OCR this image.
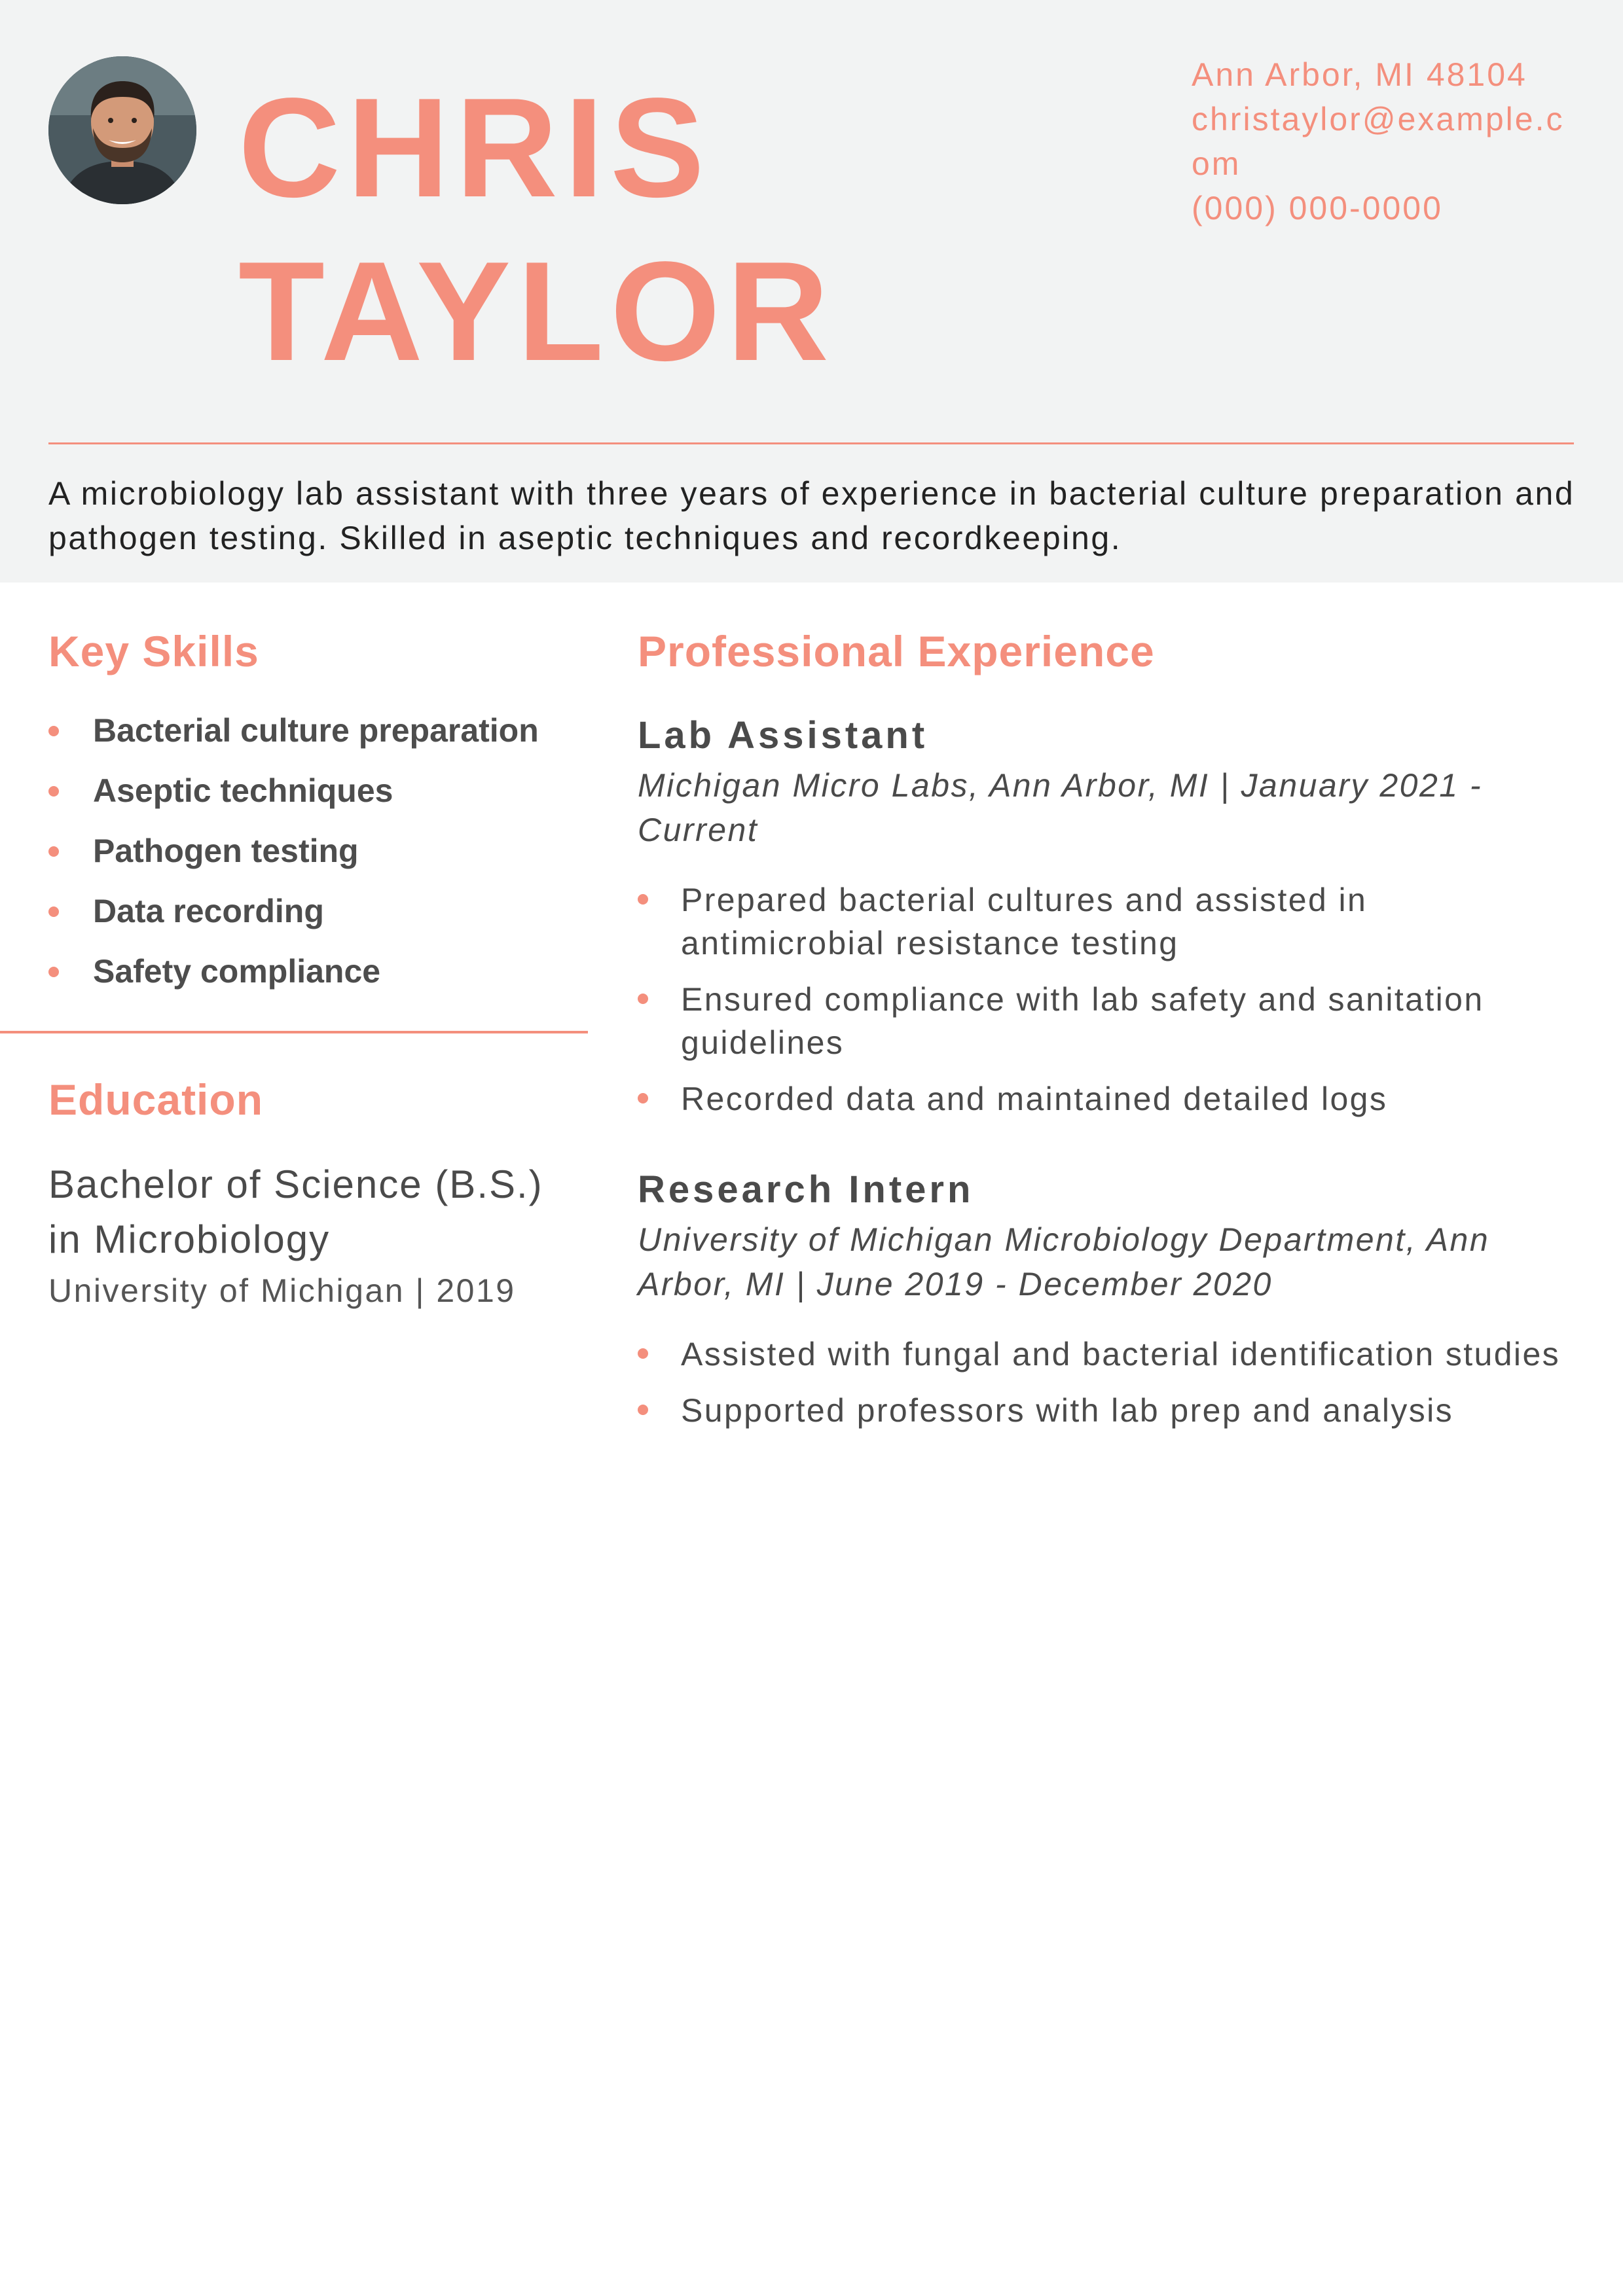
CHRIS
TAYLOR
Ann Arbor, MI 48104
christaylor@example.com
(000) 000-0000
A microbiology lab assistant with three years of experience in bacterial culture preparation and pathogen testing. Skilled in aseptic techniques and recordkeeping.
Key Skills
Bacterial culture preparation
Aseptic techniques
Pathogen testing
Data recording
Safety compliance
Education
Bachelor of Science (B.S.) in Microbiology
University of Michigan | 2019
Professional Experience
Lab Assistant
Michigan Micro Labs, Ann Arbor, MI | January 2021 - Current
Prepared bacterial cultures and assisted in antimicrobial resistance testing
Ensured compliance with lab safety and sanitation guidelines
Recorded data and maintained detailed logs
Research Intern
University of Michigan Microbiology Department, Ann Arbor, MI | June 2019 - December 2020
Assisted with fungal and bacterial identification studies
Supported professors with lab prep and analysis
